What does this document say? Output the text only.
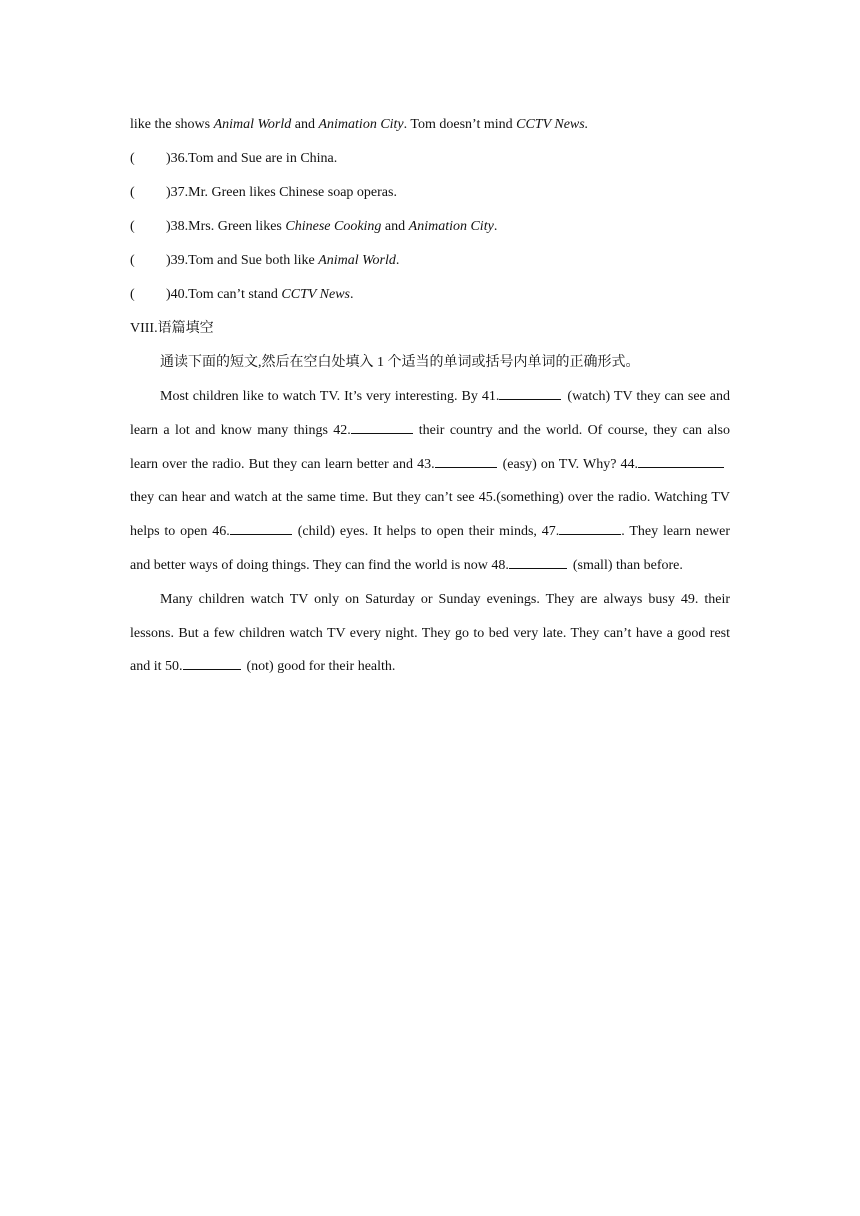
like the shows Animal World and Animation City. Tom doesn’t mind CCTV News.
(	)36.Tom and Sue are in China.
(	)37.Mr. Green likes Chinese soap operas.
(	)38.Mrs. Green likes Chinese Cooking and Animation City.
(	)39.Tom and Sue both like Animal World.
(	)40.Tom can’t stand CCTV News.
VIII.语篇填空
通读下面的短文,然后在空白处填入 1 个适当的单词或括号内单词的正确形式。
Most children like to watch TV. It’s very interesting. By 41.	(watch) TV they can see and learn a lot and know many things 42.	their country and the world. Of course, they can also learn over the radio. But they can learn better and 43.	(easy) on TV. Why? 44.they can hear and watch at the same time. But they can’t see 45.(something) over the radio. Watching TV helps to open 46.	(child) eyes. It helps to open their minds, 47.	. They learn newer and better ways of doing things. They can find the world is now 48.	(small) than before.
Many children watch TV only on Saturday or Sunday evenings. They are always busy 49. their lessons. But a few children watch TV every night. They go to bed very late. They can’t have a good rest and it 50.	(not) good for their health.
